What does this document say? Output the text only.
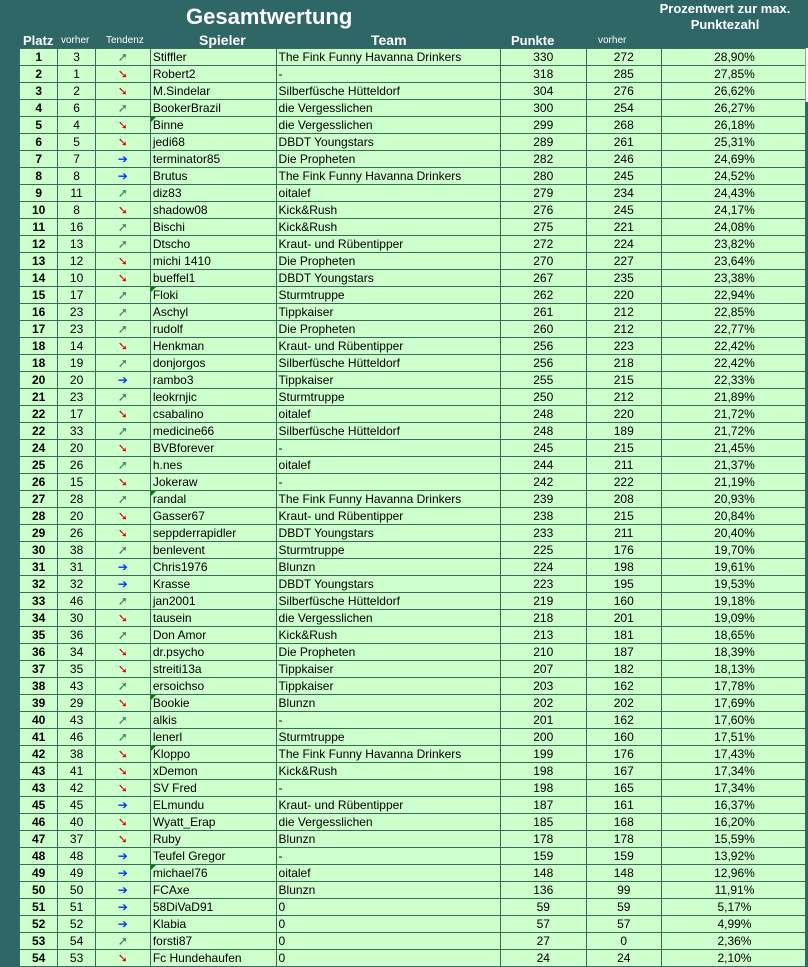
Gesamtwertung	Prozentwert zur max. Punktezahl
Platz vorher Tendenz	Spieler	Team	Punkte	vorher
1	3	➚	Stiffler	The Fink Funny Havanna Drinkers	330	272	28,90%
2	1	➘	Robert2	-	318	285	27,85%
3	2	➘	M.Sindelar	Silberfüsche Hütteldorf	304	276	26,62%
4	6	➚	BookerBrazil	die Vergesslichen	300	254	26,27%
5	4	➘	Binne	die Vergesslichen	299	268	26,18%
6	5	➘	jedi68	DBDT Youngstars	289	261	25,31%
7	7	➔	terminator85	Die Propheten	282	246	24,69%
8	8	➔	Brutus	The Fink Funny Havanna Drinkers	280	245	24,52%
9	11	➚	diz83	oitalef	279	234	24,43%
10	8	➘	shadow08	Kick&Rush	276	245	24,17%
11	16	➚	Bischi	Kick&Rush	275	221	24,08%
12	13	➚	Dtscho	Kraut- und Rübentipper	272	224	23,82%
13	12	➘	michi 1410	Die Propheten	270	227	23,64%
14	10	➘	bueffel1	DBDT Youngstars	267	235	23,38%
15	17	➚	Floki	Sturmtruppe	262	220	22,94%
16	23	➚	Aschyl	Tippkaiser	261	212	22,85%
17	23	➚	rudolf	Die Propheten	260	212	22,77%
18	14	➘	Henkman	Kraut- und Rübentipper	256	223	22,42%
18	19	➚	donjorgos	Silberfüsche Hütteldorf	256	218	22,42%
20	20	➔	rambo3	Tippkaiser	255	215	22,33%
21	23	➚	leokrnjic	Sturmtruppe	250	212	21,89%
22	17	➘	csabalino	oitalef	248	220	21,72%
22	33	➚	medicine66	Silberfüsche Hütteldorf	248	189	21,72%
24	20	➘	BVBforever	-	245	215	21,45%
25	26	➚	h.nes	oitalef	244	211	21,37%
26	15	➘	Jokeraw	-	242	222	21,19%
27	28	➚	randal	The Fink Funny Havanna Drinkers	239	208	20,93%
28	20	➘	Gasser67	Kraut- und Rübentipper	238	215	20,84%
29	26	➘	seppderrapidler	DBDT Youngstars	233	211	20,40%
30	38	➚	benlevent	Sturmtruppe	225	176	19,70%
31	31	➔	Chris1976	Blunzn	224	198	19,61%
32	32	➔	Krasse	DBDT Youngstars	223	195	19,53%
33	46	➚	jan2001	Silberfüsche Hütteldorf	219	160	19,18%
34	30	➘	tausein	die Vergesslichen	218	201	19,09%
35	36	➚	Don Amor	Kick&Rush	213	181	18,65%
36	34	➘	dr.psycho	Die Propheten	210	187	18,39%
37	35	➘	streiti13a	Tippkaiser	207	182	18,13%
38	43	➚	ersoichso	Tippkaiser	203	162	17,78%
39	29	➘	Bookie	Blunzn	202	202	17,69%
40	43	➚	alkis	-	201	162	17,60%
41	46	➚	lenerl	Sturmtruppe	200	160	17,51%
42	38	➘	Kloppo	The Fink Funny Havanna Drinkers	199	176	17,43%
43	41	➘	xDemon	Kick&Rush	198	167	17,34%
43	42	➘	SV Fred	-	198	165	17,34%
45	45	➔	ELmundu	Kraut- und Rübentipper	187	161	16,37%
46	40	➘	Wyatt_Erap	die Vergesslichen	185	168	16,20%
47	37	➘	Ruby	Blunzn	178	178	15,59%
48	48	➔	Teufel Gregor	-	159	159	13,92%
49	49	➔	michael76	oitalef	148	148	12,96%
50	50	➔	FCAxe	Blunzn	136	99	11,91%
51	51	➔	58DiVaD91	0	59	59	5,17%
52	52	➔	Klabia	0	57	57	4,99%
53	54	➚	forsti87	0	27	0	2,36%
54	53	➘	Fc Hundehaufen	0	24	24	2,10%
